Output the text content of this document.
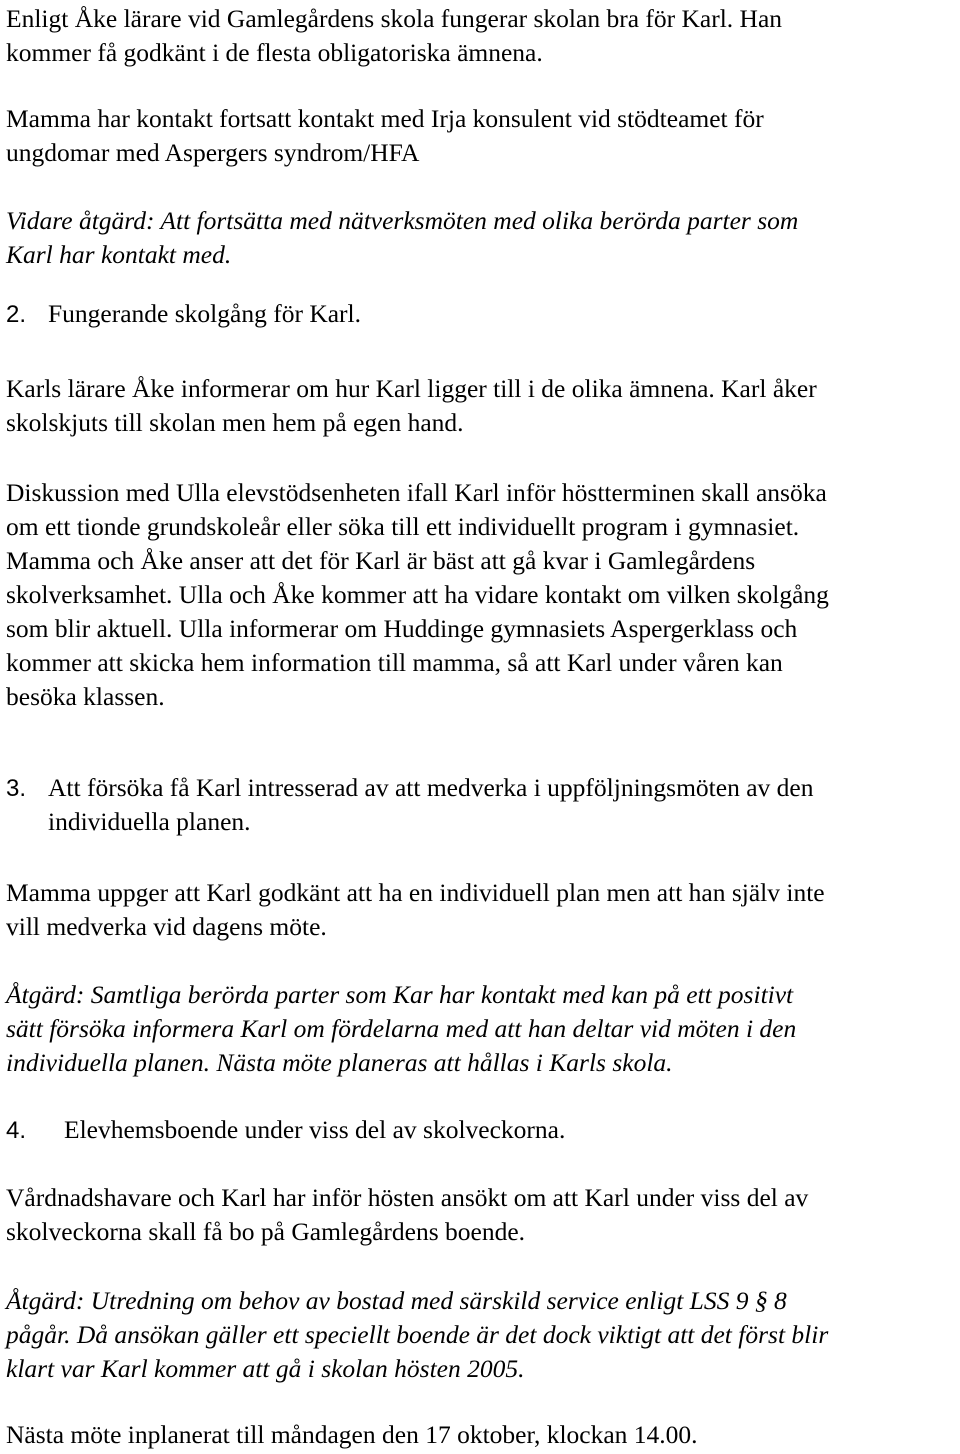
Enligt Åke lärare vid Gamlegårdens skola fungerar skolan bra för Karl. Han
kommer få godkänt i de flesta obligatoriska ämnena.

Mamma har kontakt fortsatt kontakt med Irja konsulent vid stödteamet för
ungdomar med Aspergers syndrom/HFA

Vidare åtgärd: Att fortsätta med nätverksmöten med olika berörda parter som
Karl har kontakt med.

2. Fungerande skolgång för Karl.

Karls lärare Åke informerar om hur Karl ligger till i de olika ämnena. Karl åker
skolskjuts till skolan men hem på egen hand.

Diskussion med Ulla elevstödsenheten ifall Karl inför höstterminen skall ansöka
om ett tionde grundskoleår eller söka till ett individuellt program i gymnasiet.
Mamma och Åke anser att det för Karl är bäst att gå kvar i Gamlegårdens
skolverksamhet. Ulla och Åke kommer att ha vidare kontakt om vilken skolgång
som blir aktuell. Ulla informerar om Huddinge gymnasiets Aspergerklass och
kommer att skicka hem information till mamma, så att Karl under våren kan
besöka klassen.

3. Att försöka få Karl intresserad av att medverka i uppföljningsmöten av den
individuella planen.

Mamma uppger att Karl godkänt att ha en individuell plan men att han själv inte
vill medverka vid dagens möte.

Åtgärd: Samtliga berörda parter som Kar har kontakt med kan på ett positivt
sätt försöka informera Karl om fördelarna med att han deltar vid möten i den
individuella planen. Nästa möte planeras att hållas i Karls skola.

4. Elevhemsboende under viss del av skolveckorna.

Vårdnadshavare och Karl har inför hösten ansökt om att Karl under viss del av
skolveckorna skall få bo på Gamlegårdens boende.

Åtgärd: Utredning om behov av bostad med särskild service enligt LSS 9 § 8
pågår. Då ansökan gäller ett speciellt boende är det dock viktigt att det först blir
klart var Karl kommer att gå i skolan hösten 2005.

Nästa möte inplanerat till måndagen den 17 oktober, klockan 14.00.
